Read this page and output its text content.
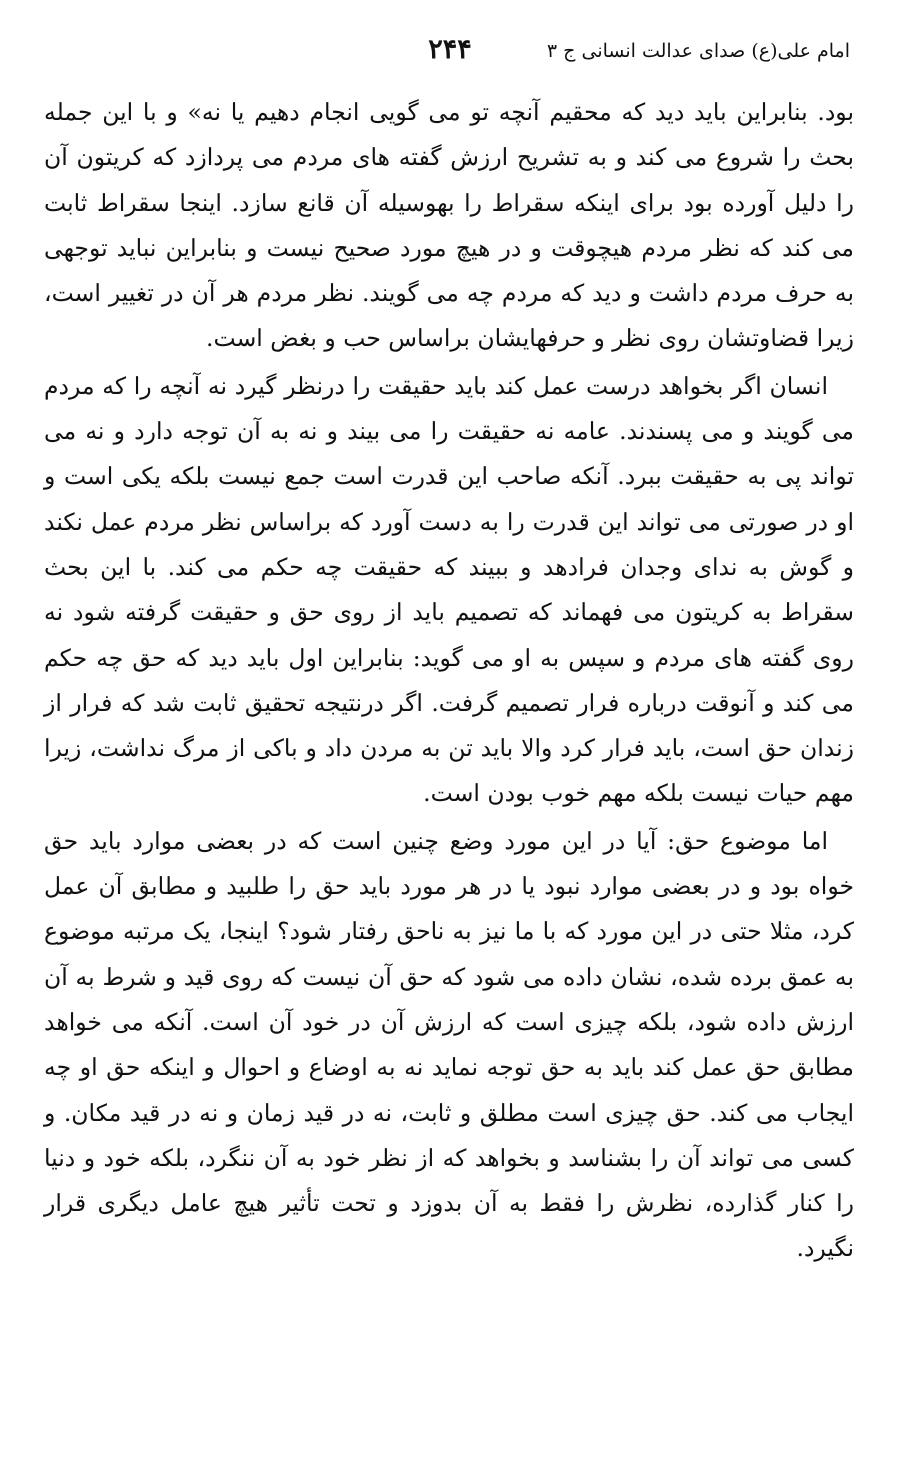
امام علی(ع) صدای عدالت انسانی ج ۳
۲۴۴

بود. بنابراین باید دید که محقیم آنچه تو می گویی انجام دهیم یا نه» و با این جمله بحث را شروع می کند و به تشریح ارزش گفته های مردم می پردازد که کریتون آن را دلیل آورده بود برای اینکه سقراط را بهوسیله آن قانع سازد. اینجا سقراط ثابت می کند که نظر مردم هیچوقت و در هیچ مورد صحیح نیست و بنابراین نباید توجهی به حرف مردم داشت و دید که مردم چه می گویند. نظر مردم هر آن در تغییر است، زیرا قضاوتشان روی نظر و حرفهایشان براساس حب و بغض است.

انسان اگر بخواهد درست عمل کند باید حقیقت را درنظر گیرد نه آنچه را که مردم می گویند و می پسندند. عامه نه حقیقت را می بیند و نه به آن توجه دارد و نه می تواند پی به حقیقت ببرد. آنکه صاحب این قدرت است جمع نیست بلکه یکی است و او در صورتی می تواند این قدرت را به دست آورد که براساس نظر مردم عمل نکند و گوش به ندای وجدان فرادهد و ببیند که حقیقت چه حکم می کند. با این بحث سقراط به کریتون می فهماند که تصمیم باید از روی حق و حقیقت گرفته شود نه روی گفته های مردم و سپس به او می گوید: بنابراین اول باید دید که حق چه حکم می کند و آنوقت درباره فرار تصمیم گرفت. اگر درنتیجه تحقیق ثابت شد که فرار از زندان حق است، باید فرار کرد والا باید تن به مردن داد و باکی از مرگ نداشت، زیرا مهم حیات نیست بلکه مهم خوب بودن است.

اما موضوع حق: آیا در این مورد وضع چنین است که در بعضی موارد باید حق خواه بود و در بعضی موارد نبود یا در هر مورد باید حق را طلبید و مطابق آن عمل کرد، مثلا حتی در این مورد که با ما نیز به ناحق رفتار شود؟ اینجا، یک مرتبه موضوع به عمق برده شده، نشان داده می شود که حق آن نیست که روی قید و شرط به آن ارزش داده شود، بلکه چیزی است که ارزش آن در خود آن است. آنکه می خواهد مطابق حق عمل کند باید به حق توجه نماید نه به اوضاع و احوال و اینکه حق او چه ایجاب می کند. حق چیزی است مطلق و ثابت، نه در قید زمان و نه در قید مکان. و کسی می تواند آن را بشناسد و بخواهد که از نظر خود به آن ننگرد، بلکه خود و دنیا را کنار گذارده، نظرش را فقط به آن بدوزد و تحت تأثیر هیچ عامل دیگری قرار نگیرد.
